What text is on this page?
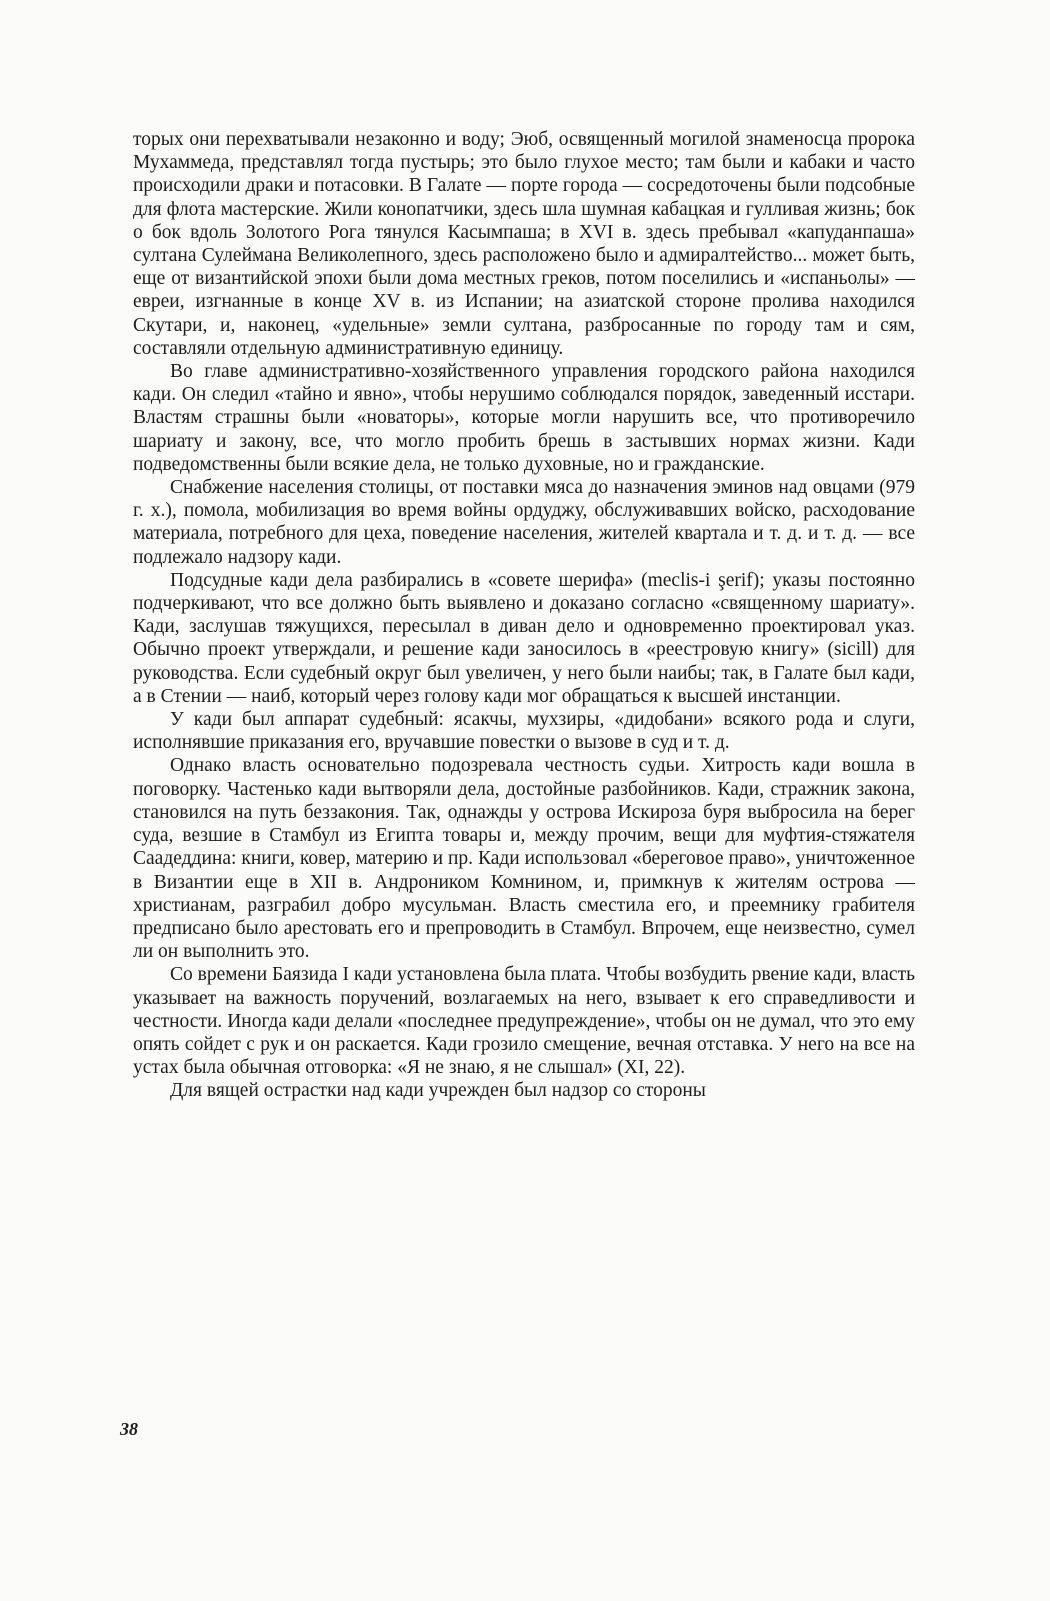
торых они перехватывали незаконно и воду; Эюб, освященный могилой знаменосца пророка Мухаммеда, представлял тогда пустырь; это было глухое место; там были и кабаки и часто происходили драки и потасовки. В Галате — порте города — сосредоточены были подсобные для флота мастерские. Жили конопатчики, здесь шла шумная кабацкая и гулливая жизнь; бок о бок вдоль Золотого Рога тянулся Касымпаша; в XVI в. здесь пребывал «капуданпаша» султана Сулеймана Великолепного, здесь расположено было и адмиралтейство... может быть, еще от византийской эпохи были дома местных греков, потом поселились и «испаньолы» — евреи, изгнанные в конце XV в. из Испании; на азиатской стороне пролива находился Скутари, и, наконец, «удельные» земли султана, разбросанные по городу там и сям, составляли отдельную административную единицу.

Во главе административно-хозяйственного управления городского района находился кади. Он следил «тайно и явно», чтобы нерушимо соблюдался порядок, заведенный исстари. Властям страшны были «новаторы», которые могли нарушить все, что противоречило шариату и закону, все, что могло пробить брешь в застывших нормах жизни. Кади подведомственны были всякие дела, не только духовные, но и гражданские.

Снабжение населения столицы, от поставки мяса до назначения эминов над овцами (979 г. х.), помола, мобилизация во время войны ордуджу, обслуживавших войско, расходование материала, потребного для цеха, поведение населения, жителей квартала и т. д. и т. д. — все подлежало надзору кади.

Подсудные кади дела разбирались в «совете шерифа» (meclis-i şerif); указы постоянно подчеркивают, что все должно быть выявлено и доказано согласно «священному шариату». Кади, заслушав тяжущихся, пересылал в диван дело и одновременно проектировал указ. Обычно проект утверждали, и решение кади заносилось в «реестровую книгу» (sicill) для руководства. Если судебный округ был увеличен, у него были наибы; так, в Галате был кади, а в Стении — наиб, который через голову кади мог обращаться к высшей инстанции.

У кади был аппарат судебный: ясакчы, мухзиры, «дидобани» всякого рода и слуги, исполнявшие приказания его, вручавшие повестки о вызове в суд и т. д.

Однако власть основательно подозревала честность судьи. Хитрость кади вошла в поговорку. Частенько кади вытворяли дела, достойные разбойников. Кади, стражник закона, становился на путь беззакония. Так, однажды у острова Искироза буря выбросила на берег суда, везшие в Стамбул из Египта товары и, между прочим, вещи для муфтия-стяжателя Саадеддина: книги, ковер, материю и пр. Кади использовал «береговое право», уничтоженное в Византии еще в XII в. Андроником Комнином, и, примкнув к жителям острова — христианам, разграбил добро мусульман. Власть сместила его, и преемнику грабителя предписано было арестовать его и препроводить в Стамбул. Впрочем, еще неизвестно, сумел ли он выполнить это.

Со времени Баязида I кади установлена была плата. Чтобы возбудить рвение кади, власть указывает на важность поручений, возлагаемых на него, взывает к его справедливости и честности. Иногда кади делали «последнее предупреждение», чтобы он не думал, что это ему опять сойдет с рук и он раскается. Кади грозило смещение, вечная отставка. У него на все на устах была обычная отговорка: «Я не знаю, я не слышал» (XI, 22).

Для вящей острастки над кади учрежден был надзор со стороны

38
